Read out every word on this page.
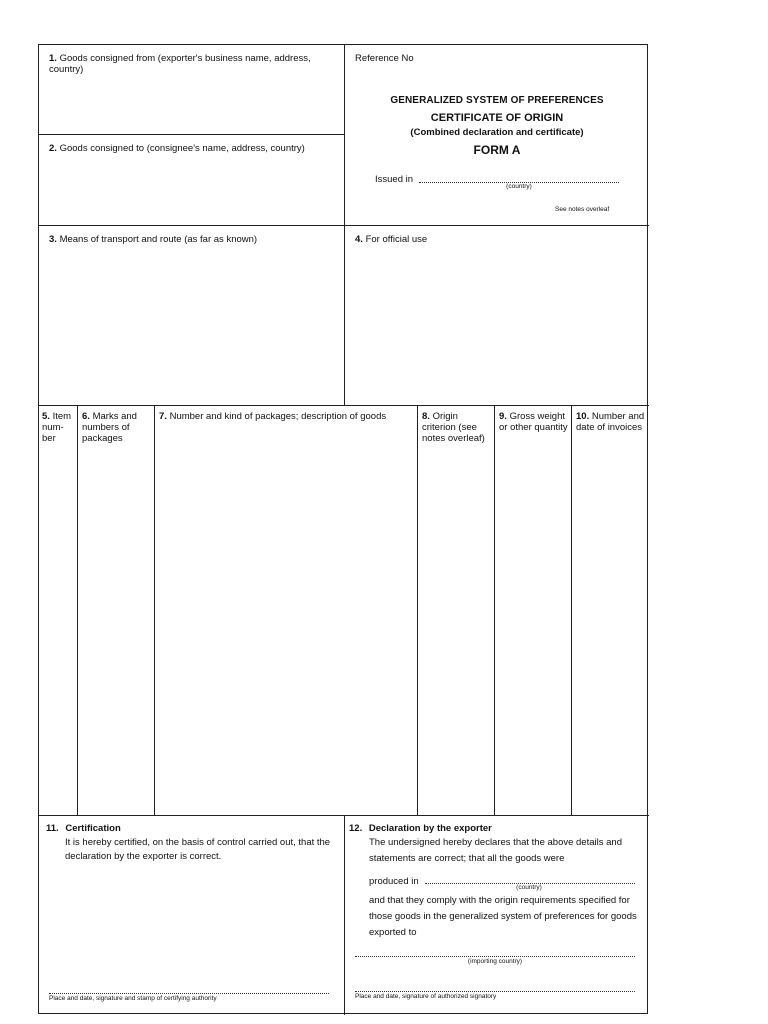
1. Goods consigned from (exporter's business name, address, country)
Reference No
GENERALIZED SYSTEM OF PREFERENCES
CERTIFICATE OF ORIGIN
(Combined declaration and certificate)
FORM A
Issued in
(country)
See notes overleaf
2. Goods consigned to (consignee's name, address, country)
3. Means of transport and route (as far as known)	4. For official use
5. Item num- ber
6. Marks and numbers of packages
7. Number and kind of packages; description of goods	8. Origin criterion (see notes overleaf)
9. Gross weight or other quantity
10. Number and date of invoices
11. Certification
It is hereby certified, on the basis of control carried out, that the declaration by the exporter is correct.
Place and date, signature and stamp of certifying authority
12. Declaration by the exporter
The undersigned hereby declares that the above details and statements are correct; that all the goods were
produced in
(country)
and that they comply with the origin requirements specified for those goods in the generalized system of preferences for goods exported to
(importing country)
Place and date, signature of authorized signatory
